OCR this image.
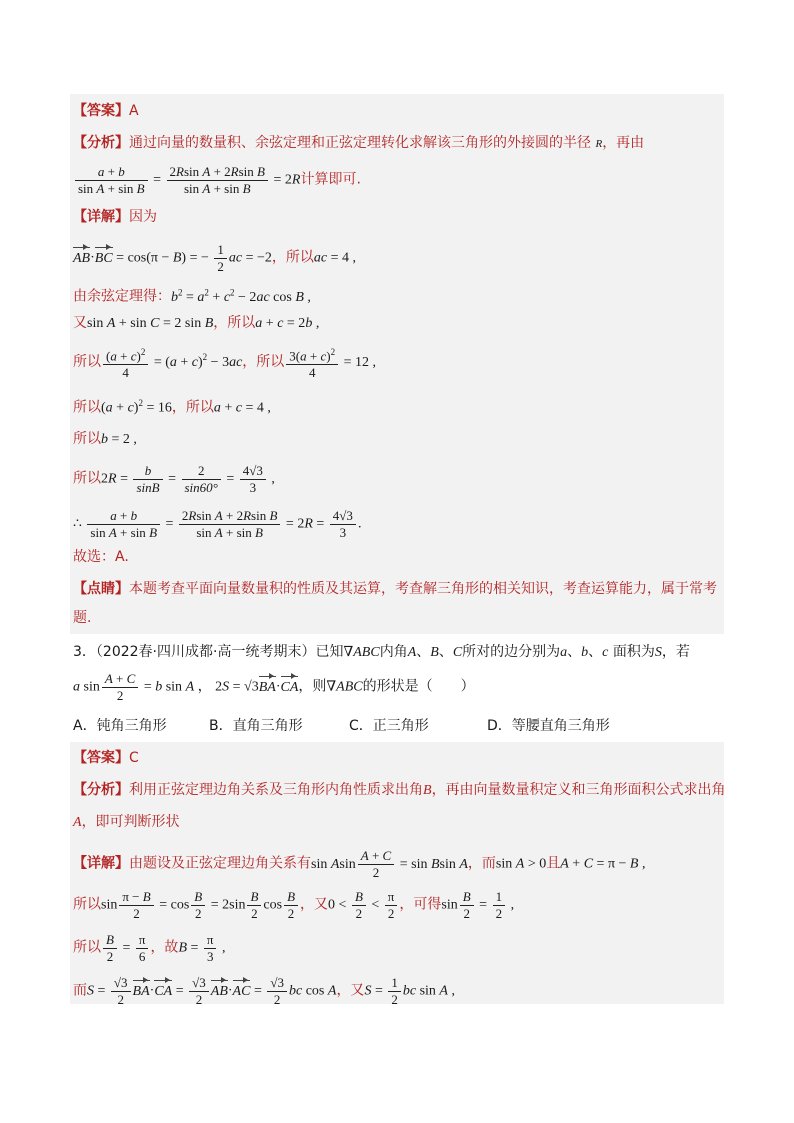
【答案】A
【分析】通过向量的数量积、余弦定理和正弦定理转化求解该三角形的外接圆的半径 R，再由
$\frac{a + b}{\text{sin A + sin B}} = \frac{\text{2Rsin A + 2Rsin B}}{\text{sin A + sin B}} = 2R$计算即可.
【详解】因为
AB·BC = cos(π − B) = − $\frac{1}{2}$ ac = −2，所以ac = 4 ,
由余弦定理得：$b^2 = a^2 + c^2 - 2ac$ cos B ,
又sin A + sin C = 2 sin B，所以a + c = 2b ,
所以 $\frac{(a + c)^2}{4} = (a + c)^2 - 3ac$，所以 $\frac{3(a + c)^2}{4} = 12$ ,
所以$(a + c)^2 = 16$，所以a + c = 4 ,
所以b = 2 ,
所以$2R = \frac{b}{\sin B} = \frac{2}{\sin 60^\circ} = \frac{4√3}{3}$ ,
∴ $\frac{a + b}{\text{sin A + sin B}} = \frac{\text{2Rsin A + 2Rsin B}}{\text{sin A + sin B}} = 2R = \frac{4√3}{3}$ .
故选：A.
【点睛】本题考查平面向量数量积的性质及其运算，考查解三角形的相关知识，考查运算能力，属于常考
题.
3．（2022春·四川成都·高一统考期末）已知∇ABC内角A、B、C所对的边分别为a、b、c 面积为S，若
a $\sin \frac{A + C}{2} = b$ sin A ， 2S = √3BA·CA，则∇ABC的形状是（　　）
A．钝角三角形	B．直角三角形	C．正三角形	D．等腰直角三角形
【答案】C
【分析】利用正弦定理边角关系及三角形内角性质求出角B，再由向量数量积定义和三角形面积公式求出角
A，即可判断形状
【详解】由题设及正弦定理边角关系有sin Asin $\frac{A + C}{2} = \sin Bsin$ A，而sin A > 0且A + C = π − B ,
所以$\sin \frac{\pi - B}{2} = \cos \frac{B}{2} = 2\sin \frac{B}{2}$ $\cos \frac{B}{2}$ ，又$0 < \frac{B}{2} < \frac{\pi}{2}$ ，可得$\sin \frac{B}{2} = \frac{1}{2}$ ,
所以 $\frac{B}{2} = \frac{\pi}{6}$ ，故$B = \frac{\pi}{3}$ ,
而$S = \frac{√3}{2} BA\cdot CA = \frac{√3}{2} AB\cdot AC = \frac{√3}{2}$ bc cos A，又$S = \frac{1}{2}$ bc sin A ,
